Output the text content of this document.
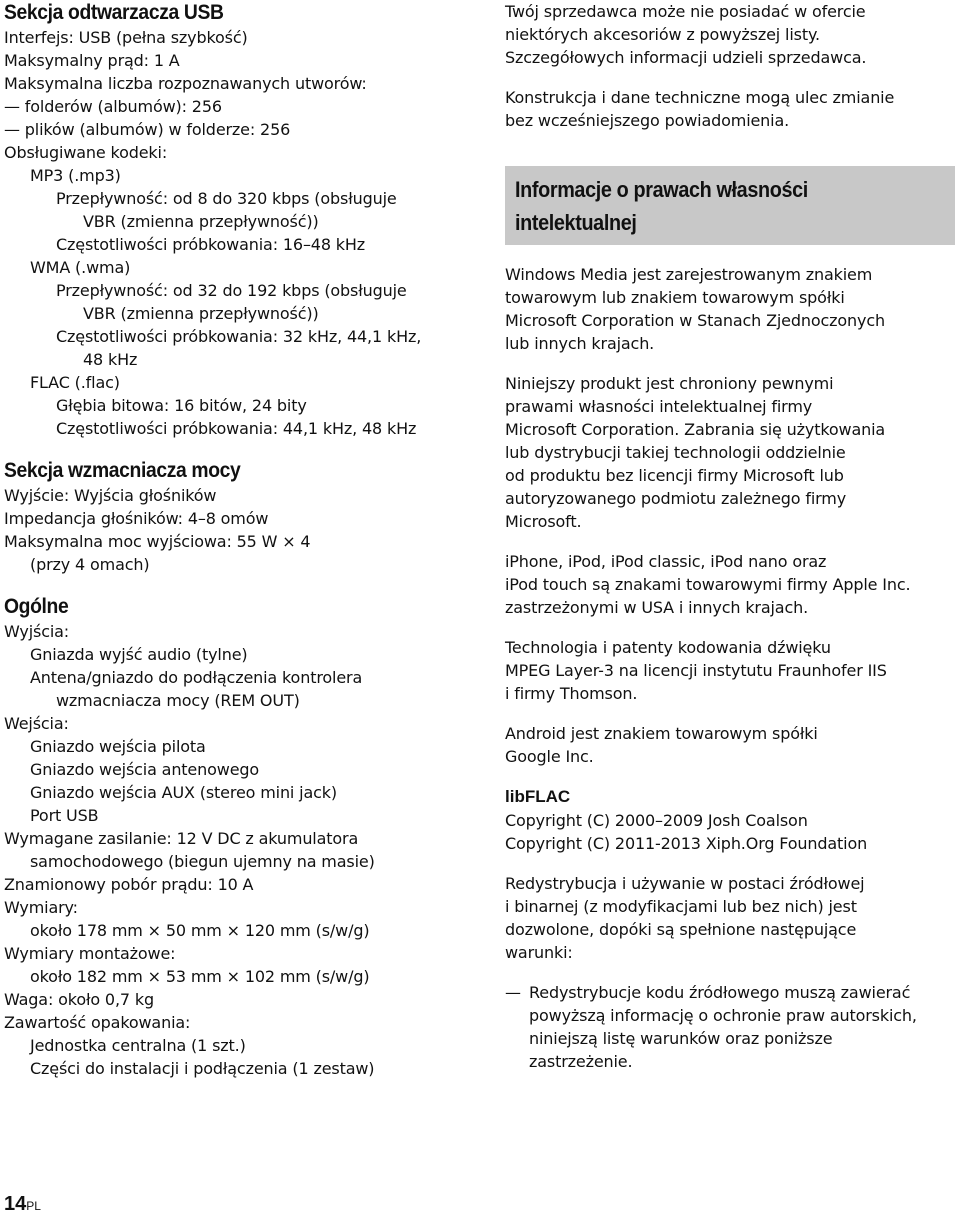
Sekcja odtwarzacza USB
Interfejs: USB (pełna szybkość)
Maksymalny prąd: 1 A
Maksymalna liczba rozpoznawanych utworów:
— folderów (albumów): 256
— plików (albumów) w folderze: 256
Obsługiwane kodeki:
MP3 (.mp3)
Przepływność: od 8 do 320 kbps (obsługuje
VBR (zmienna przepływność))
Częstotliwości próbkowania: 16–48 kHz
WMA (.wma)
Przepływność: od 32 do 192 kbps (obsługuje
VBR (zmienna przepływność))
Częstotliwości próbkowania: 32 kHz, 44,1 kHz,
48 kHz
FLAC (.flac)
Głębia bitowa: 16 bitów, 24 bity
Częstotliwości próbkowania: 44,1 kHz, 48 kHz
Sekcja wzmacniacza mocy
Wyjście: Wyjścia głośników
Impedancja głośników: 4–8 omów
Maksymalna moc wyjściowa: 55 W × 4
(przy 4 omach)
Ogólne
Wyjścia:
Gniazda wyjść audio (tylne)
Antena/gniazdo do podłączenia kontrolera
wzmacniacza mocy (REM OUT)
Wejścia:
Gniazdo wejścia pilota
Gniazdo wejścia antenowego
Gniazdo wejścia AUX (stereo mini jack)
Port USB
Wymagane zasilanie: 12 V DC z akumulatora
samochodowego (biegun ujemny na masie)
Znamionowy pobór prądu: 10 A
Wymiary:
około 178 mm × 50 mm × 120 mm (s/w/g)
Wymiary montażowe:
około 182 mm × 53 mm × 102 mm (s/w/g)
Waga: około 0,7 kg
Zawartość opakowania:
Jednostka centralna (1 szt.)
Części do instalacji i podłączenia (1 zestaw)
Twój sprzedawca może nie posiadać w ofercie
niektórych akcesoriów z powyższej listy.
Szczegółowych informacji udzieli sprzedawca.
Konstrukcja i dane techniczne mogą ulec zmianie
bez wcześniejszego powiadomienia.
Informacje o prawach własności
intelektualnej
Windows Media jest zarejestrowanym znakiem
towarowym lub znakiem towarowym spółki
Microsoft Corporation w Stanach Zjednoczonych
lub innych krajach.
Niniejszy produkt jest chroniony pewnymi
prawami własności intelektualnej firmy
Microsoft Corporation. Zabrania się użytkowania
lub dystrybucji takiej technologii oddzielnie
od produktu bez licencji firmy Microsoft lub
autoryzowanego podmiotu zależnego firmy
Microsoft.
iPhone, iPod, iPod classic, iPod nano oraz
iPod touch są znakami towarowymi firmy Apple Inc.
zastrzeżonymi w USA i innych krajach.
Technologia i patenty kodowania dźwięku
MPEG Layer-3 na licencji instytutu Fraunhofer IIS
i firmy Thomson.
Android jest znakiem towarowym spółki
Google Inc.
libFLAC
Copyright (C) 2000–2009 Josh Coalson
Copyright (C) 2011-2013 Xiph.Org Foundation
Redystrybucja i używanie w postaci źródłowej
i binarnej (z modyfikacjami lub bez nich) jest
dozwolone, dopóki są spełnione następujące
warunki:
— Redystrybucje kodu źródłowego muszą zawierać
powyższą informację o ochronie praw autorskich,
niniejszą listę warunków oraz poniższe
zastrzeżenie.
14PL
